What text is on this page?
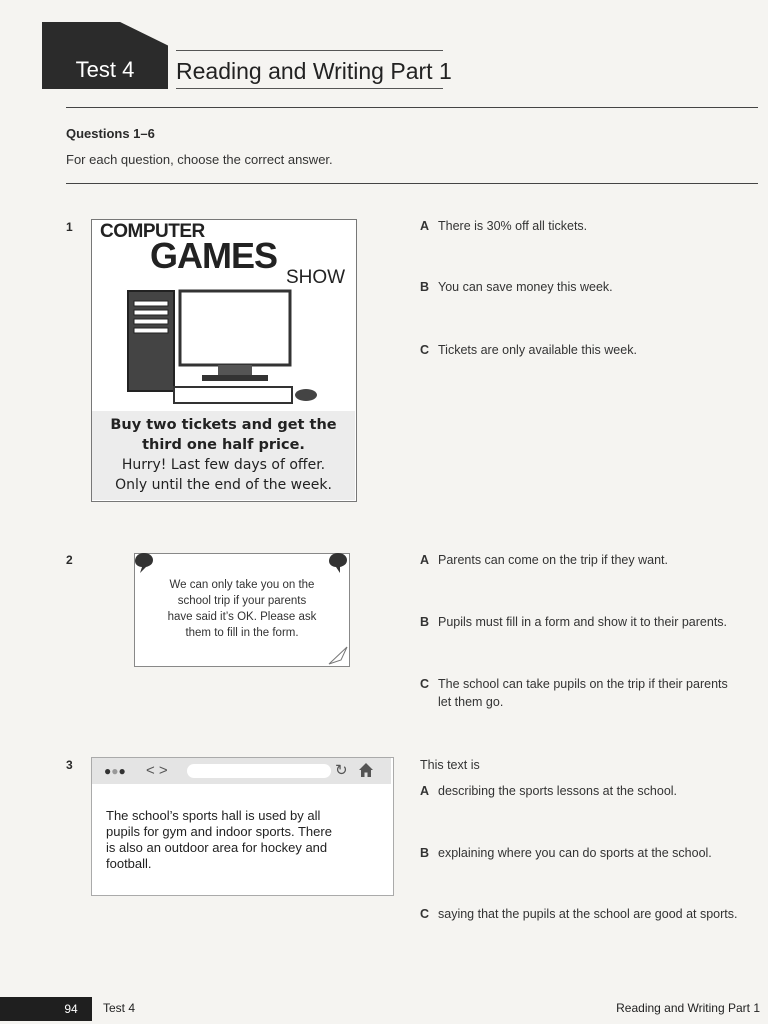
Test 4	Reading and Writing Part 1
Questions 1–6
For each question, choose the correct answer.
1 COMPUTER
GAMES
SHOW
Buy two tickets and get the
third one half price.
Hurry! Last few days of offer.
Only until the end of the week.
A There is 30% off all tickets.
B You can save money this week.
C Tickets are only available this week.
2
We can only take you on the
school trip if your parents
have said it’s OK. Please ask
them to fill in the form.
A Parents can come on the trip if they want.
B Pupils must fill in a form and show it to their parents.
C The school can take pupils on the trip if their parents
let them go.
3	●●● < >	↻
The school’s sports hall is used by all
pupils for gym and indoor sports. There
is also an outdoor area for hockey and
football.
This text is
A describing the sports lessons at the school.
B explaining where you can do sports at the school.
C saying that the pupils at the school are good at sports.
94	Test 4	Reading and Writing Part 1
